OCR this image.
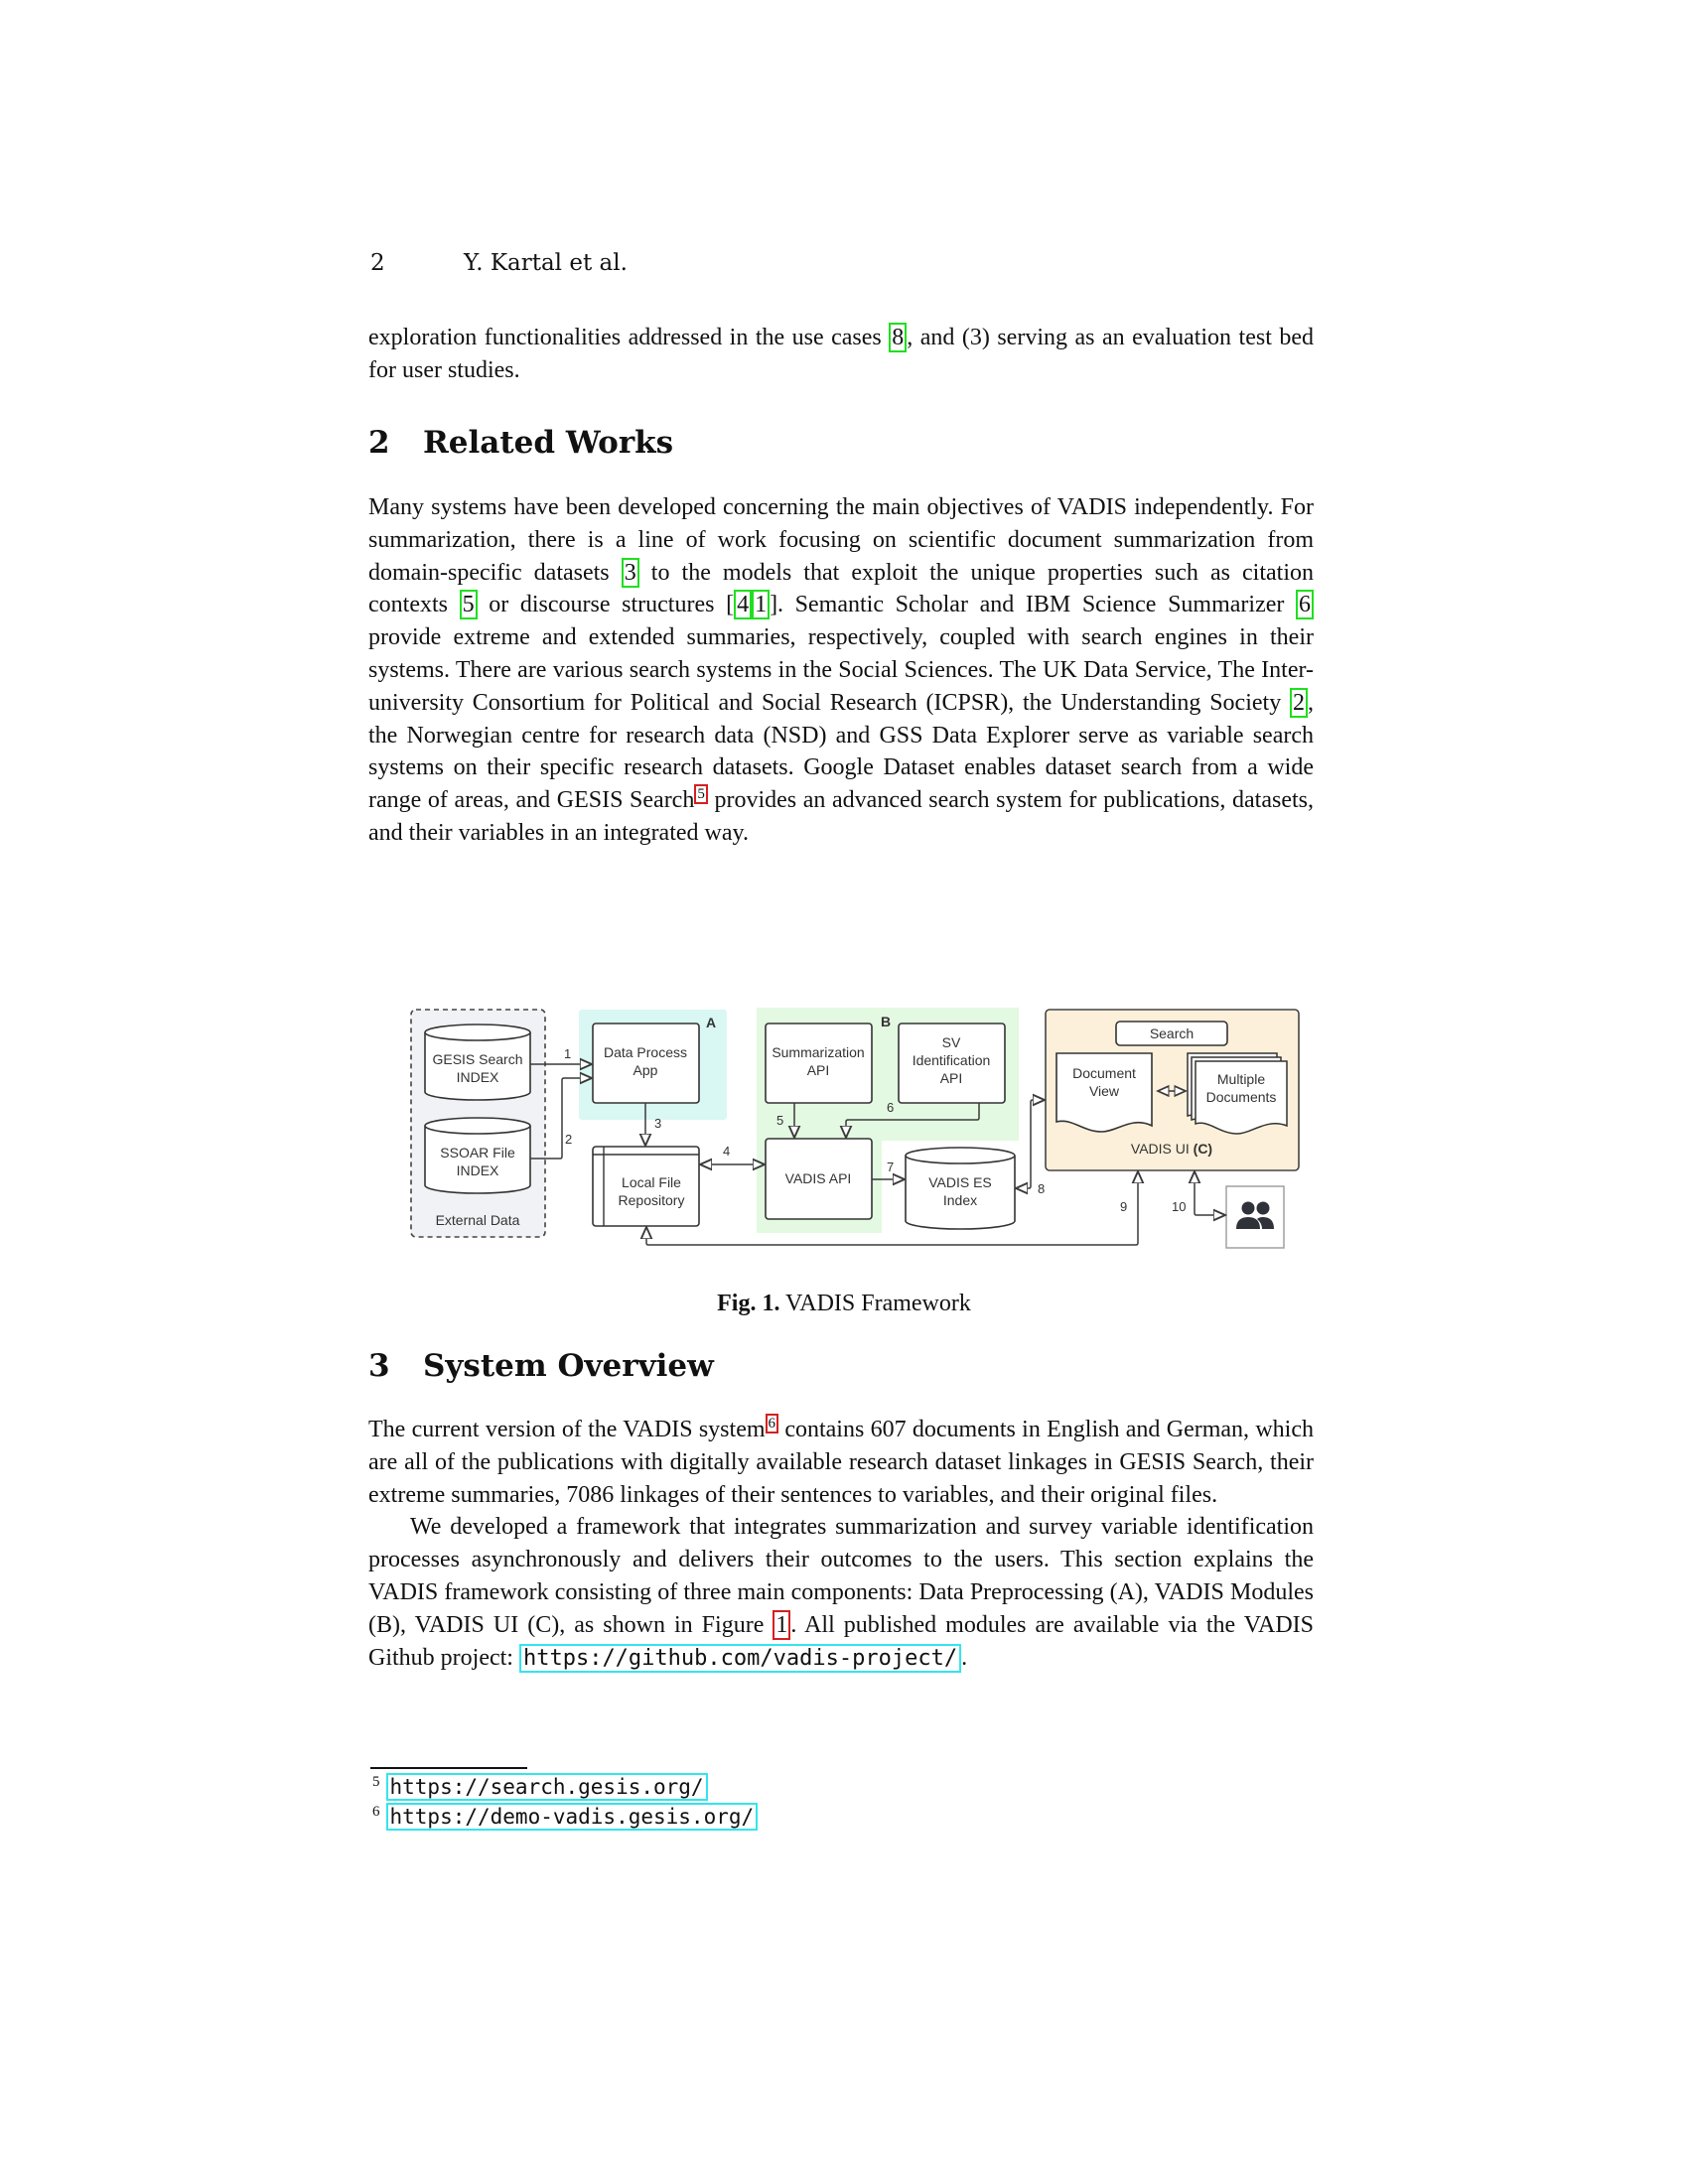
2	Y. Kartal et al.

exploration functionalities addressed in the use cases 8 , and (3) serving as an evaluation test bed for user studies.

2 Related Works

Many systems have been developed concerning the main objectives of VADIS independently. For summarization, there is a line of work focusing on scientific document summarization from domain-specific datasets 3 to the models that exploit the unique properties such as citation contexts 5 or discourse structures [ 4 1 ]. Semantic Scholar and IBM Science Summarizer 6 provide extreme and extended summaries, respectively, coupled with search engines in their systems. There are various search systems in the Social Sciences. The UK Data Service, The Inter-university Consortium for Political and Social Research (ICPSR), the Understanding Society 2 , the Norwegian centre for research data (NSD) and GSS Data Explorer serve as variable search systems on their specific research datasets. Google Dataset enables dataset search from a wide range of areas, and GESIS Search $^5$ provides an advanced search system for publications, datasets, and their variables in an integrated way.

GESIS Search
INDEX
SSOAR File
INDEX
External Data
A
Data Process
App
Local File
Repository
B
Summarization
API
SV
Identification
API
VADIS API	VADIS ES
Index
Search
Document
View
Multiple
Documents
VADIS UI (C)
1
2
3
4
5
6
7
8
9	10
Fig. 1. VADIS Framework
3 System Overview

The current version of the VADIS system $^6$ contains 607 documents in English and German, which are all of the publications with digitally available research dataset linkages in GESIS Search, their extreme summaries, 7086 linkages of their sentences to variables, and their original files.

We developed a framework that integrates summarization and survey variable identification processes asynchronously and delivers their outcomes to the users. This section explains the VADIS framework consisting of three main components: Data Preprocessing (A), VADIS Modules (B), VADIS UI (C), as shown in Figure 1 . All published modules are available via the VADIS Github project: https://github.com/vadis-project/ .

$^5$ https://search.gesis.org/
$^6$ https://demo-vadis.gesis.org/
